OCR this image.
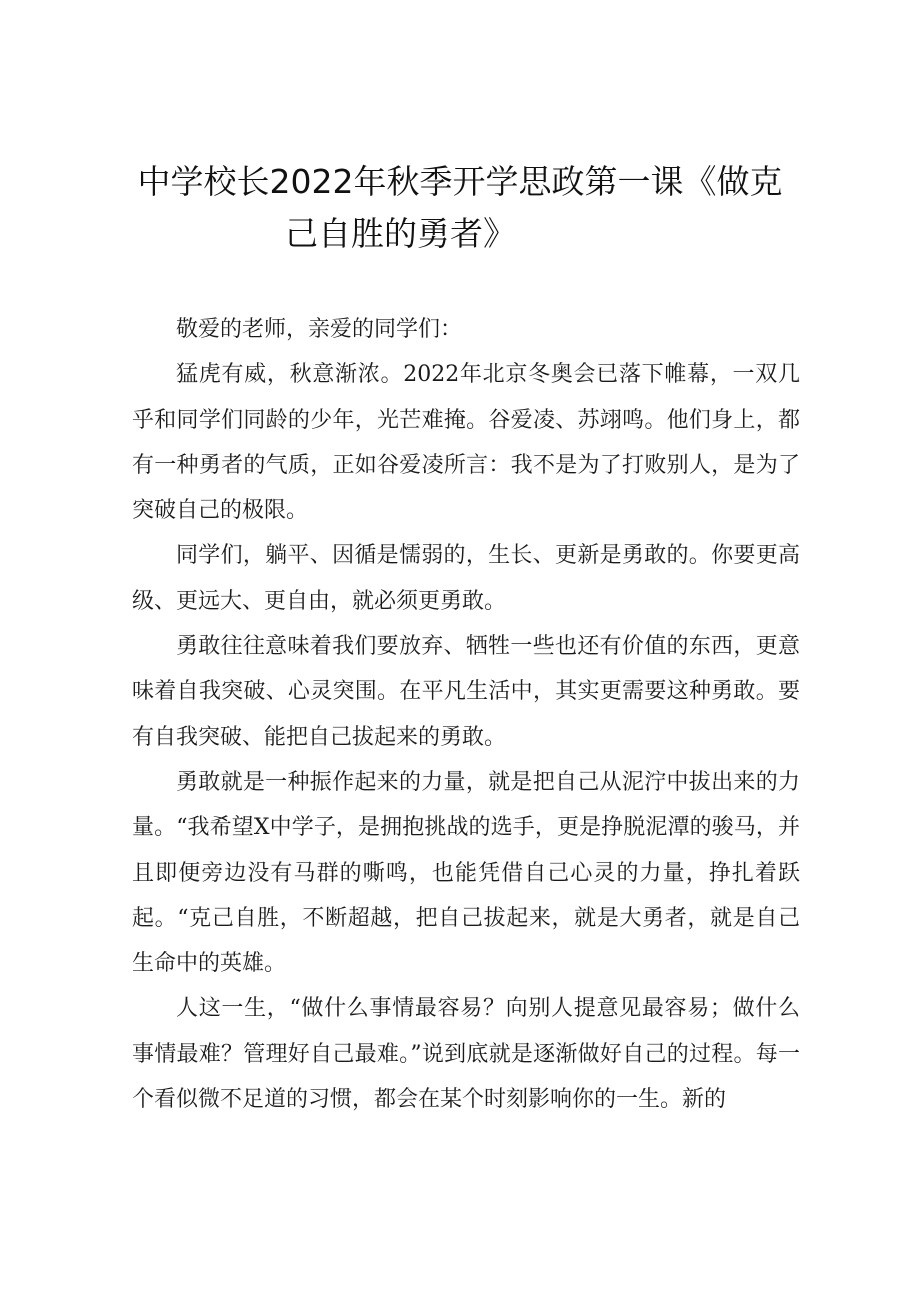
中学校长2022年秋季开学思政第一课《做克
己自胜的勇者》

敬爱的老师，亲爱的同学们：

猛虎有威，秋意渐浓。2022年北京冬奥会已落下帷幕，一双几乎和同学们同龄的少年，光芒难掩。谷爱凌、苏翊鸣。他们身上，都有一种勇者的气质，正如谷爱凌所言：我不是为了打败别人，是为了突破自己的极限。

同学们，躺平、因循是懦弱的，生长、更新是勇敢的。你要更高级、更远大、更自由，就必须更勇敢。

勇敢往往意味着我们要放弃、牺牲一些也还有价值的东西，更意味着自我突破、心灵突围。在平凡生活中，其实更需要这种勇敢。要有自我突破、能把自己拔起来的勇敢。

勇敢就是一种振作起来的力量，就是把自己从泥泞中拔出来的力量。“我希望X中学子，是拥抱挑战的选手，更是挣脱泥潭的骏马，并且即便旁边没有马群的嘶鸣，也能凭借自己心灵的力量，挣扎着跃起。“克己自胜，不断超越，把自己拔起来，就是大勇者，就是自己生命中的英雄。

人这一生，“做什么事情最容易？向别人提意见最容易；做什么事情最难？管理好自己最难。”说到底就是逐渐做好自己的过程。每一个看似微不足道的习惯，都会在某个时刻影响你的一生。新的
